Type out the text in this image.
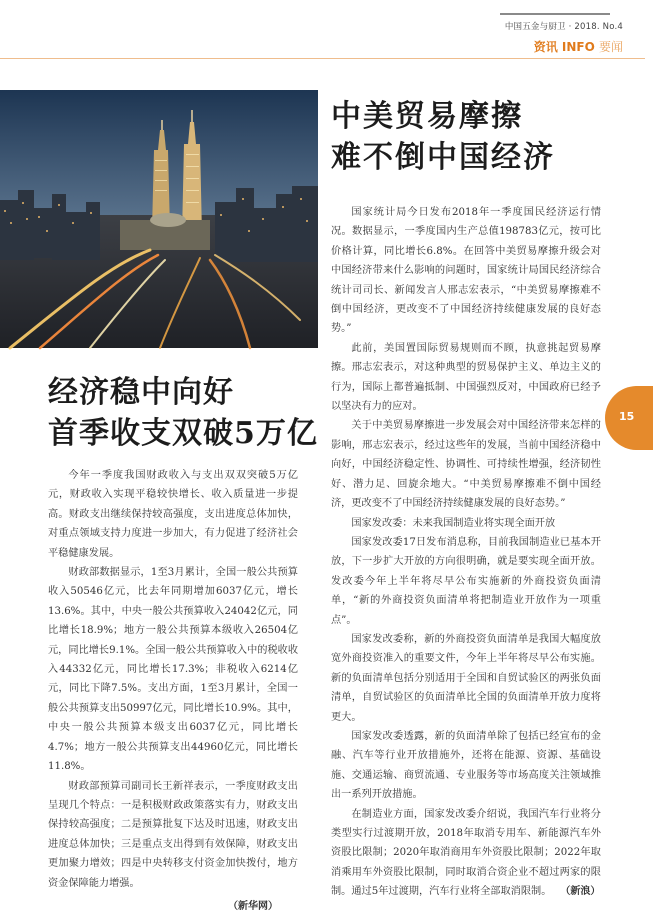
中国五金与厨卫 · 2018. No.4
资讯 INFO 要闻
经济稳中向好
首季收支双破5万亿
中美贸易摩擦
难不倒中国经济

今年一季度我国财政收入与支出双双突破5万亿元，财政收入实现平稳较快增长、收入质量进一步提高。财政支出继续保持较高强度，支出进度总体加快，对重点领域支持力度进一步加大，有力促进了经济社会平稳健康发展。

财政部数据显示，1至3月累计，全国一般公共预算收入50546亿元，比去年同期增加6037亿元，增长13.6%。其中，中央一般公共预算收入24042亿元，同比增长18.9%；地方一般公共预算本级收入26504亿元，同比增长9.1%。全国一般公共预算收入中的税收收入44332亿元，同比增长17.3%；非税收入6214亿元，同比下降7.5%。支出方面，1至3月累计，全国一般公共预算支出50997亿元，同比增长10.9%。其中，中央一般公共预算本级支出6037亿元，同比增长4.7%；地方一般公共预算支出44960亿元，同比增长11.8%。

财政部预算司副司长王新祥表示，一季度财政支出呈现几个特点：一是积极财政政策落实有力，财政支出保持较高强度；二是预算批复下达及时迅速，财政支出进度总体加快；三是重点支出得到有效保障，财政支出更加聚力增效；四是中央转移支付资金加快拨付，地方资金保障能力增强。

（新华网）

国家统计局今日发布2018年一季度国民经济运行情况。数据显示，一季度国内生产总值198783亿元，按可比价格计算，同比增长6.8%。在回答中美贸易摩擦升级会对中国经济带来什么影响的问题时，国家统计局国民经济综合统计司司长、新闻发言人邢志宏表示，“中美贸易摩擦难不倒中国经济，更改变不了中国经济持续健康发展的良好态势。”

此前，美国置国际贸易规则而不顾，执意挑起贸易摩擦。邢志宏表示，对这种典型的贸易保护主义、单边主义的行为，国际上都普遍抵制、中国强烈反对，中国政府已经予以坚决有力的应对。

关于中美贸易摩擦进一步发展会对中国经济带来怎样的影响，邢志宏表示，经过这些年的发展，当前中国经济稳中向好，中国经济稳定性、协调性、可持续性增强，经济韧性好、潜力足、回旋余地大。“中美贸易摩擦难不倒中国经济，更改变不了中国经济持续健康发展的良好态势。”

国家发改委：未来我国制造业将实现全面开放

国家发改委17日发布消息称，目前我国制造业已基本开放，下一步扩大开放的方向很明确，就是要实现全面开放。发改委今年上半年将尽早公布实施新的外商投资负面清单，“新的外商投资负面清单将把制造业开放作为一项重点”。

国家发改委称，新的外商投资负面清单是我国大幅度放宽外商投资准入的重要文件，今年上半年将尽早公布实施。新的负面清单包括分别适用于全国和自贸试验区的两张负面清单，自贸试验区的负面清单比全国的负面清单开放力度将更大。

国家发改委透露，新的负面清单除了包括已经宣布的金融、汽车等行业开放措施外，还将在能源、资源、基础设施、交通运输、商贸流通、专业服务等市场高度关注领域推出一系列开放措施。

在制造业方面，国家发改委介绍说，我国汽车行业将分类型实行过渡期开放，2018年取消专用车、新能源汽车外资股比限制；2020年取消商用车外资股比限制；2022年取消乘用车外资股比限制，同时取消合资企业不超过两家的限制。通过5年过渡期，汽车行业将全部取消限制。 （新浪）

15
